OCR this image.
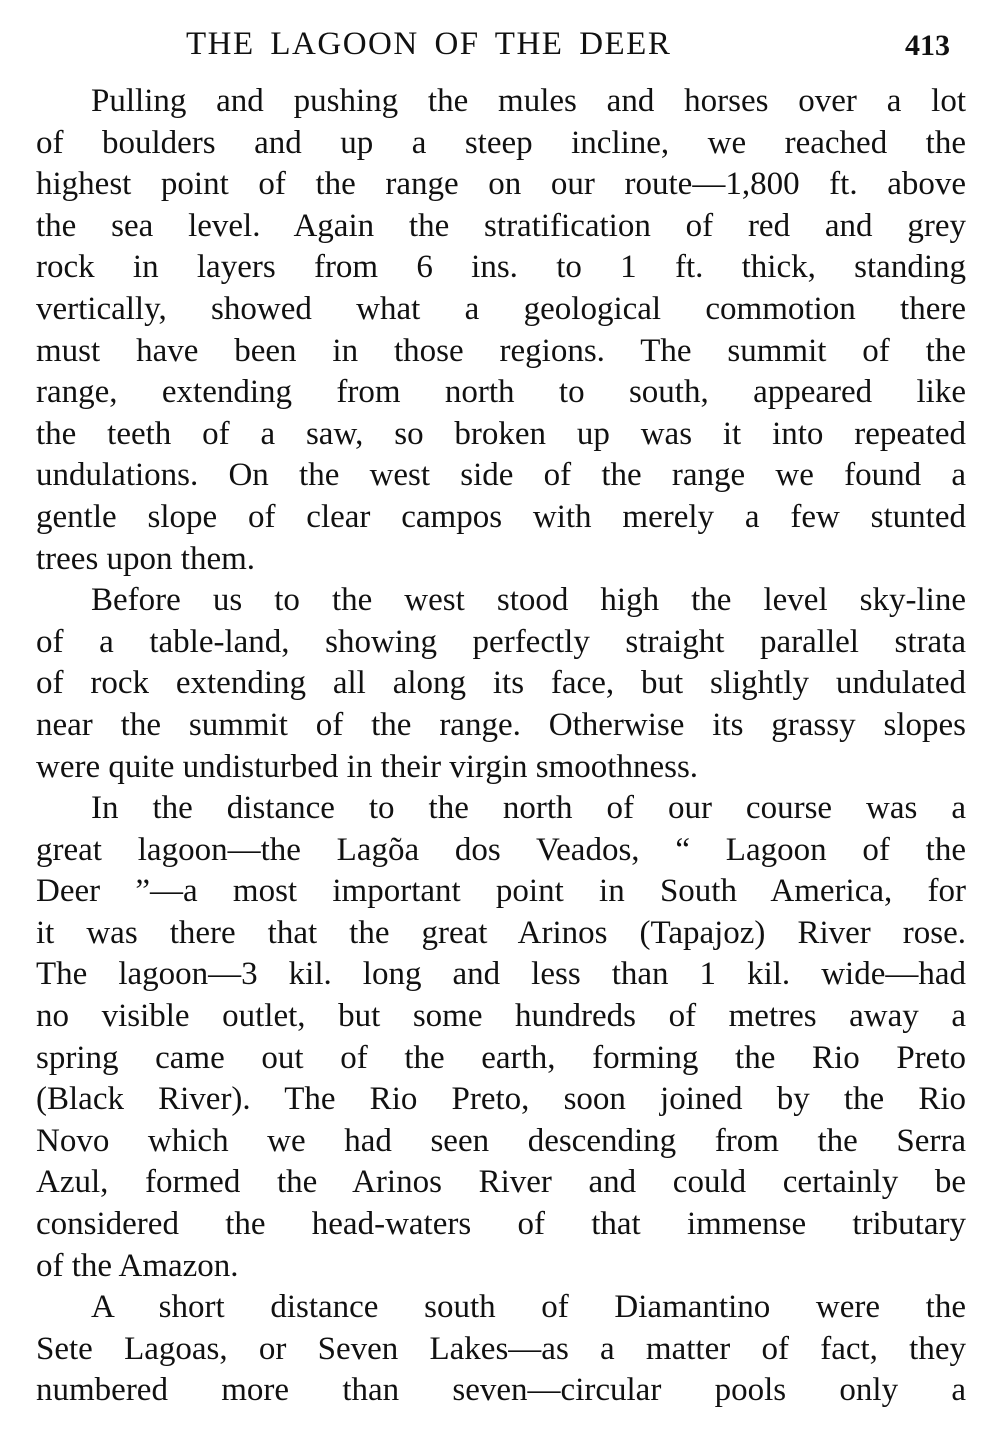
THE LAGOON OF THE DEER	413
Pulling and pushing the mules and horses over a lot
of boulders and up a steep incline, we reached the
highest point of the range on our route—1,800 ft. above
the sea level. Again the stratification of red and grey
rock in layers from 6 ins. to 1 ft. thick, standing
vertically, showed what a geological commotion there
must have been in those regions. The summit of the
range, extending from north to south, appeared like
the teeth of a saw, so broken up was it into repeated
undulations. On the west side of the range we found a
gentle slope of clear campos with merely a few stunted
trees upon them.
Before us to the west stood high the level sky-line
of a table-land, showing perfectly straight parallel strata
of rock extending all along its face, but slightly undulated
near the summit of the range. Otherwise its grassy slopes
were quite undisturbed in their virgin smoothness.
In the distance to the north of our course was a
great lagoon—the Lagõa dos Veados, “ Lagoon of the
Deer ”—a most important point in South America, for
it was there that the great Arinos (Tapajoz) River rose.
The lagoon—3 kil. long and less than 1 kil. wide—had
no visible outlet, but some hundreds of metres away a
spring came out of the earth, forming the Rio Preto
(Black River). The Rio Preto, soon joined by the Rio
Novo which we had seen descending from the Serra
Azul, formed the Arinos River and could certainly be
considered the head-waters of that immense tributary
of the Amazon.
A short distance south of Diamantino were the
Sete Lagoas, or Seven Lakes—as a matter of fact, they
numbered more than seven—circular pools only a
